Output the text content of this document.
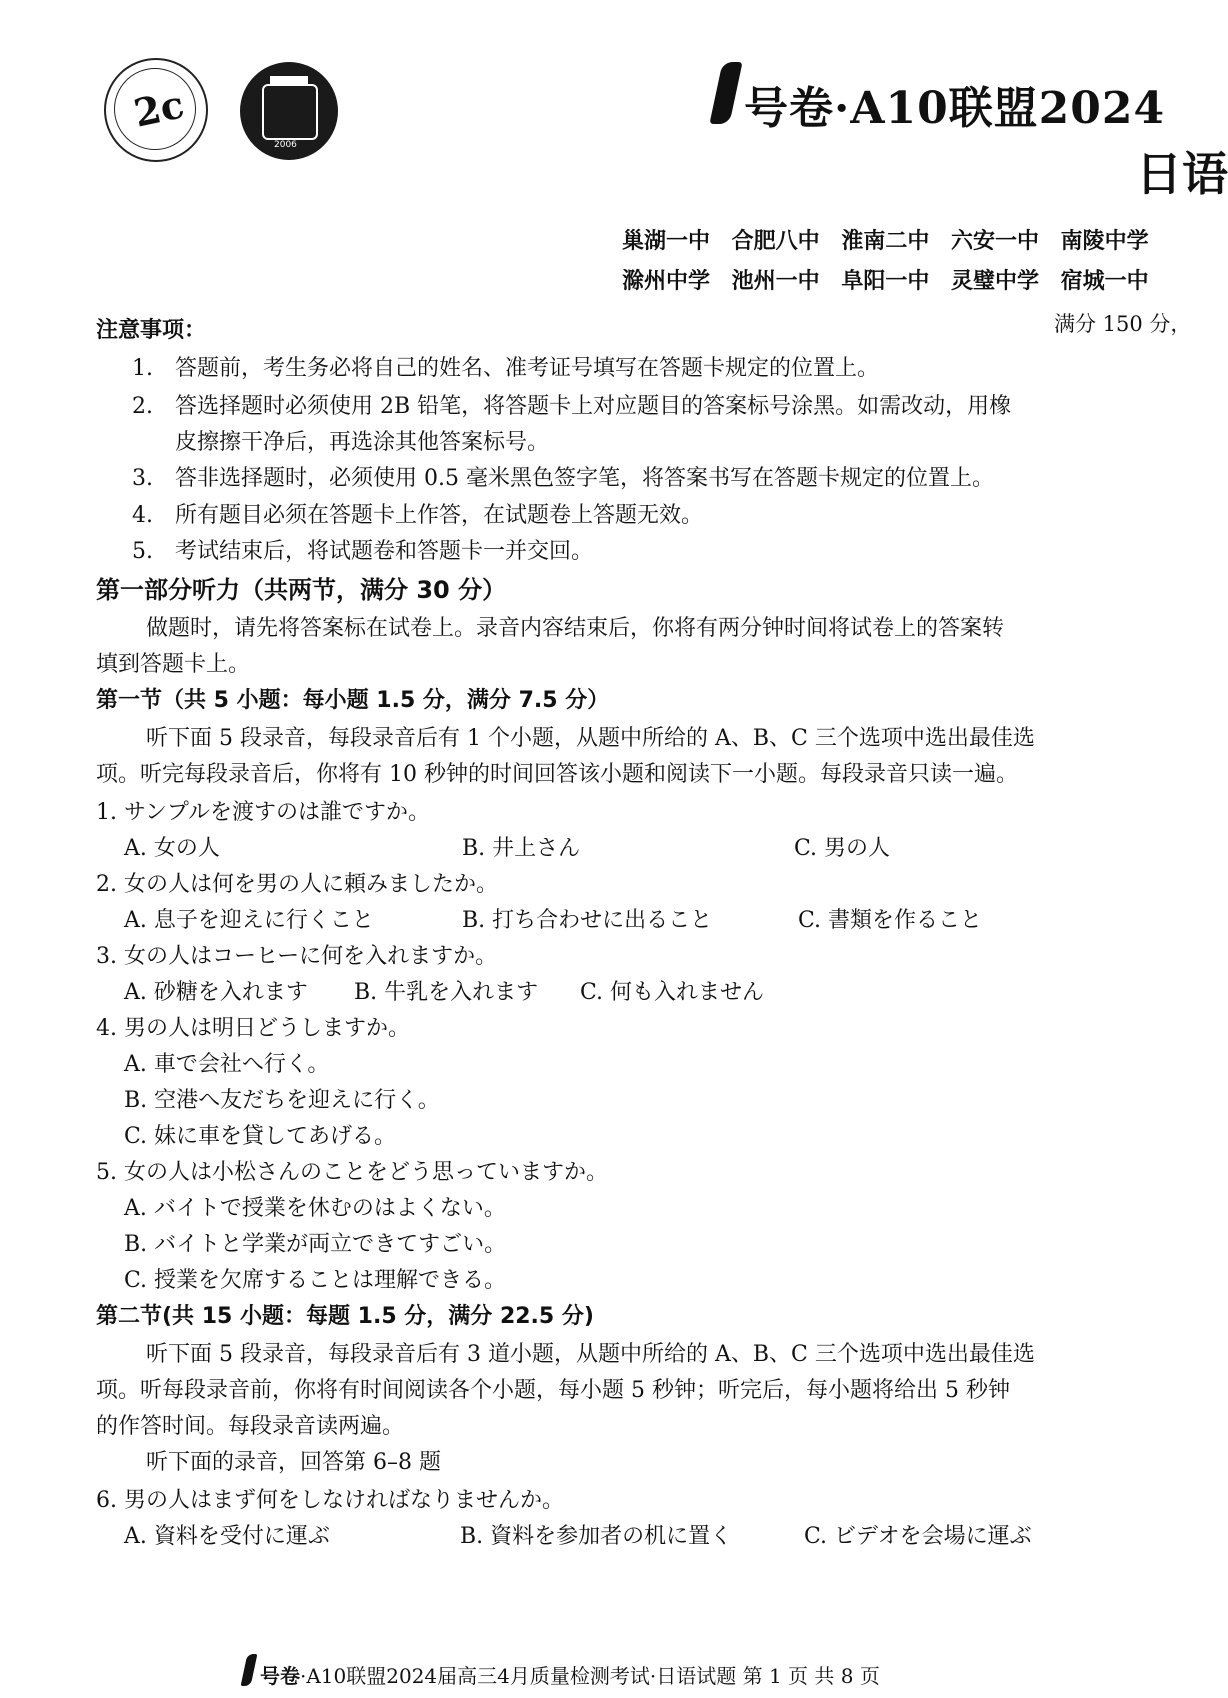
2c
2006
号卷·A10联盟2024
日语
巢湖一中 合肥八中 淮南二中 六安一中 南陵中学
滁州中学 池州一中 阜阳一中 灵璧中学 宿城一中
满分 150 分，
注意事项：
1.　答题前，考生务必将自己的姓名、准考证号填写在答题卡规定的位置上。
2.　答选择题时必须使用 2B 铅笔，将答题卡上对应题目的答案标号涂黑。如需改动，用橡
皮擦擦干净后，再选涂其他答案标号。
3.　答非选择题时，必须使用 0.5 毫米黑色签字笔，将答案书写在答题卡规定的位置上。
4.　所有题目必须在答题卡上作答，在试题卷上答题无效。
5.　考试结束后，将试题卷和答题卡一并交回。
第一部分听力（共两节，满分 30 分）
做题时，请先将答案标在试卷上。录音内容结束后，你将有两分钟时间将试卷上的答案转
填到答题卡上。
第一节（共 5 小题：每小题 1.5 分，满分 7.5 分）
听下面 5 段录音，每段录音后有 1 个小题，从题中所给的 A、B、C 三个选项中选出最佳选
项。听完每段录音后，你将有 10 秒钟的时间回答该小题和阅读下一小题。每段录音只读一遍。
1. サンプルを渡すのは誰ですか。
A. 女の人	B. 井上さん	C. 男の人
2. 女の人は何を男の人に頼みましたか。
A. 息子を迎えに行くこと	B. 打ち合わせに出ること	C. 書類を作ること
3. 女の人はコーヒーに何を入れますか。
A. 砂糖を入れます B. 牛乳を入れます C. 何も入れません
4. 男の人は明日どうしますか。
A. 車で会社へ行く。
B. 空港へ友だちを迎えに行く。
C. 妹に車を貸してあげる。
5. 女の人は小松さんのことをどう思っていますか。
A. バイトで授業を休むのはよくない。
B. バイトと学業が両立できてすごい。
C. 授業を欠席することは理解できる。
第二节(共 15 小题：每题 1.5 分，满分 22.5 分)
听下面 5 段录音，每段录音后有 3 道小题，从题中所给的 A、B、C 三个选项中选出最佳选
项。听每段录音前，你将有时间阅读各个小题，每小题 5 秒钟；听完后，每小题将给出 5 秒钟
的作答时间。每段录音读两遍。
听下面的录音，回答第 6–8 题
6. 男の人はまず何をしなければなりませんか。
A. 資料を受付に運ぶ	B. 資料を参加者の机に置く	C. ビデオを会場に運ぶ
号卷·A10联盟2024届高三4月质量检测考试·日语试题 第 1 页 共 8 页
